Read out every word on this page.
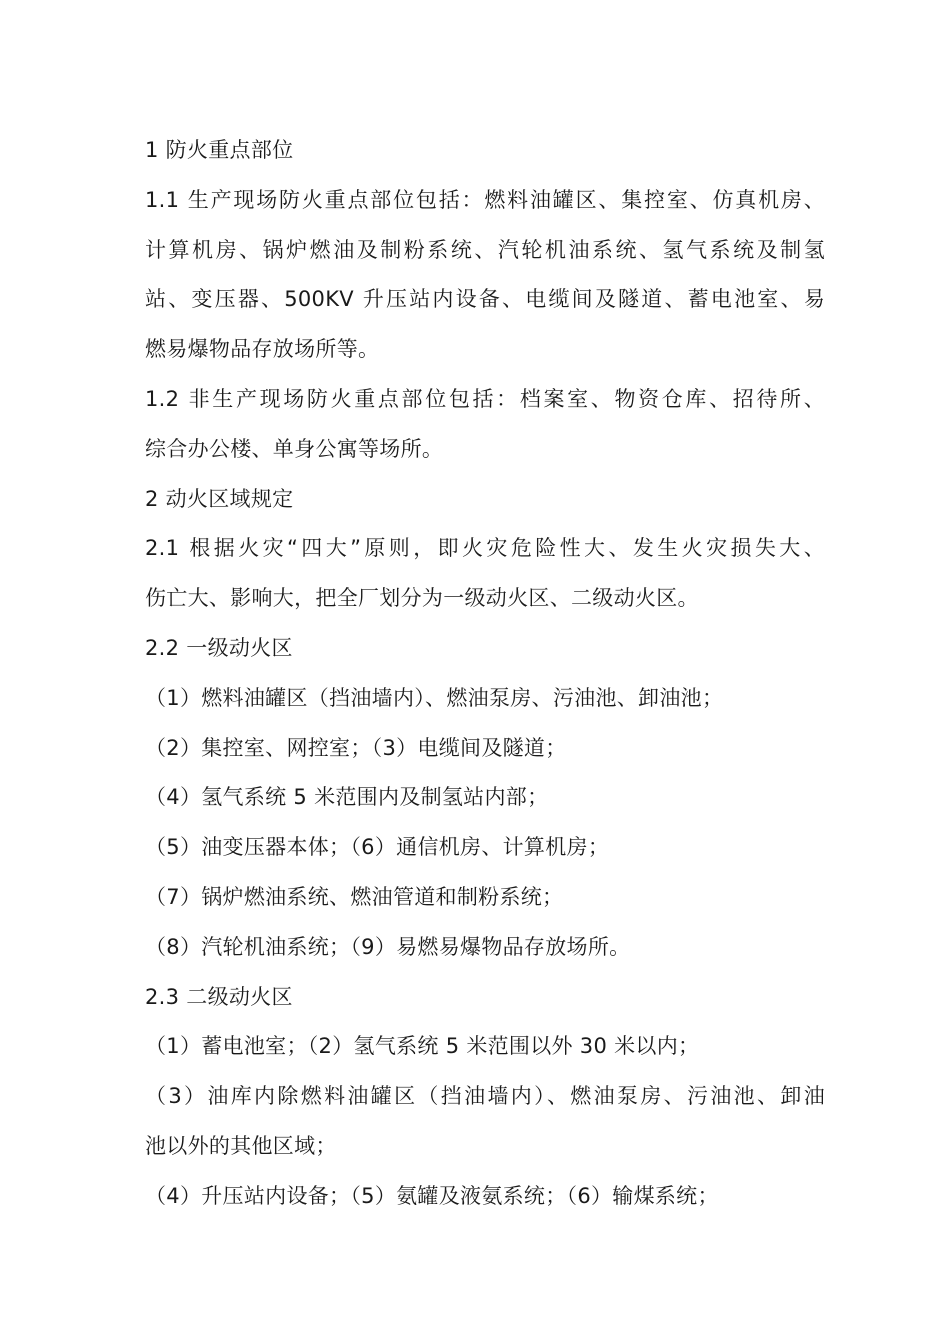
1 防火重点部位
1.1 生产现场防火重点部位包括：燃料油罐区、集控室、仿真机房、
计算机房、锅炉燃油及制粉系统、汽轮机油系统、氢气系统及制氢
站、变压器、500KV 升压站内设备、电缆间及隧道、蓄电池室、易
燃易爆物品存放场所等。
1.2 非生产现场防火重点部位包括：档案室、物资仓库、招待所、
综合办公楼、单身公寓等场所。
2 动火区域规定
2.1 根据火灾“四大”原则，即火灾危险性大、发生火灾损失大、
伤亡大、影响大，把全厂划分为一级动火区、二级动火区。
2.2 一级动火区
（1）燃料油罐区（挡油墙内）、燃油泵房、污油池、卸油池；
（2）集控室、网控室；（3）电缆间及隧道；
（4）氢气系统 5 米范围内及制氢站内部；
（5）油变压器本体；（6）通信机房、计算机房；
（7）锅炉燃油系统、燃油管道和制粉系统；
（8）汽轮机油系统；（9）易燃易爆物品存放场所。
2.3 二级动火区
（1）蓄电池室；（2）氢气系统 5 米范围以外 30 米以内；
（3）油库内除燃料油罐区（挡油墙内）、燃油泵房、污油池、卸油
池以外的其他区域；
（4）升压站内设备；（5）氨罐及液氨系统；（6）输煤系统；
